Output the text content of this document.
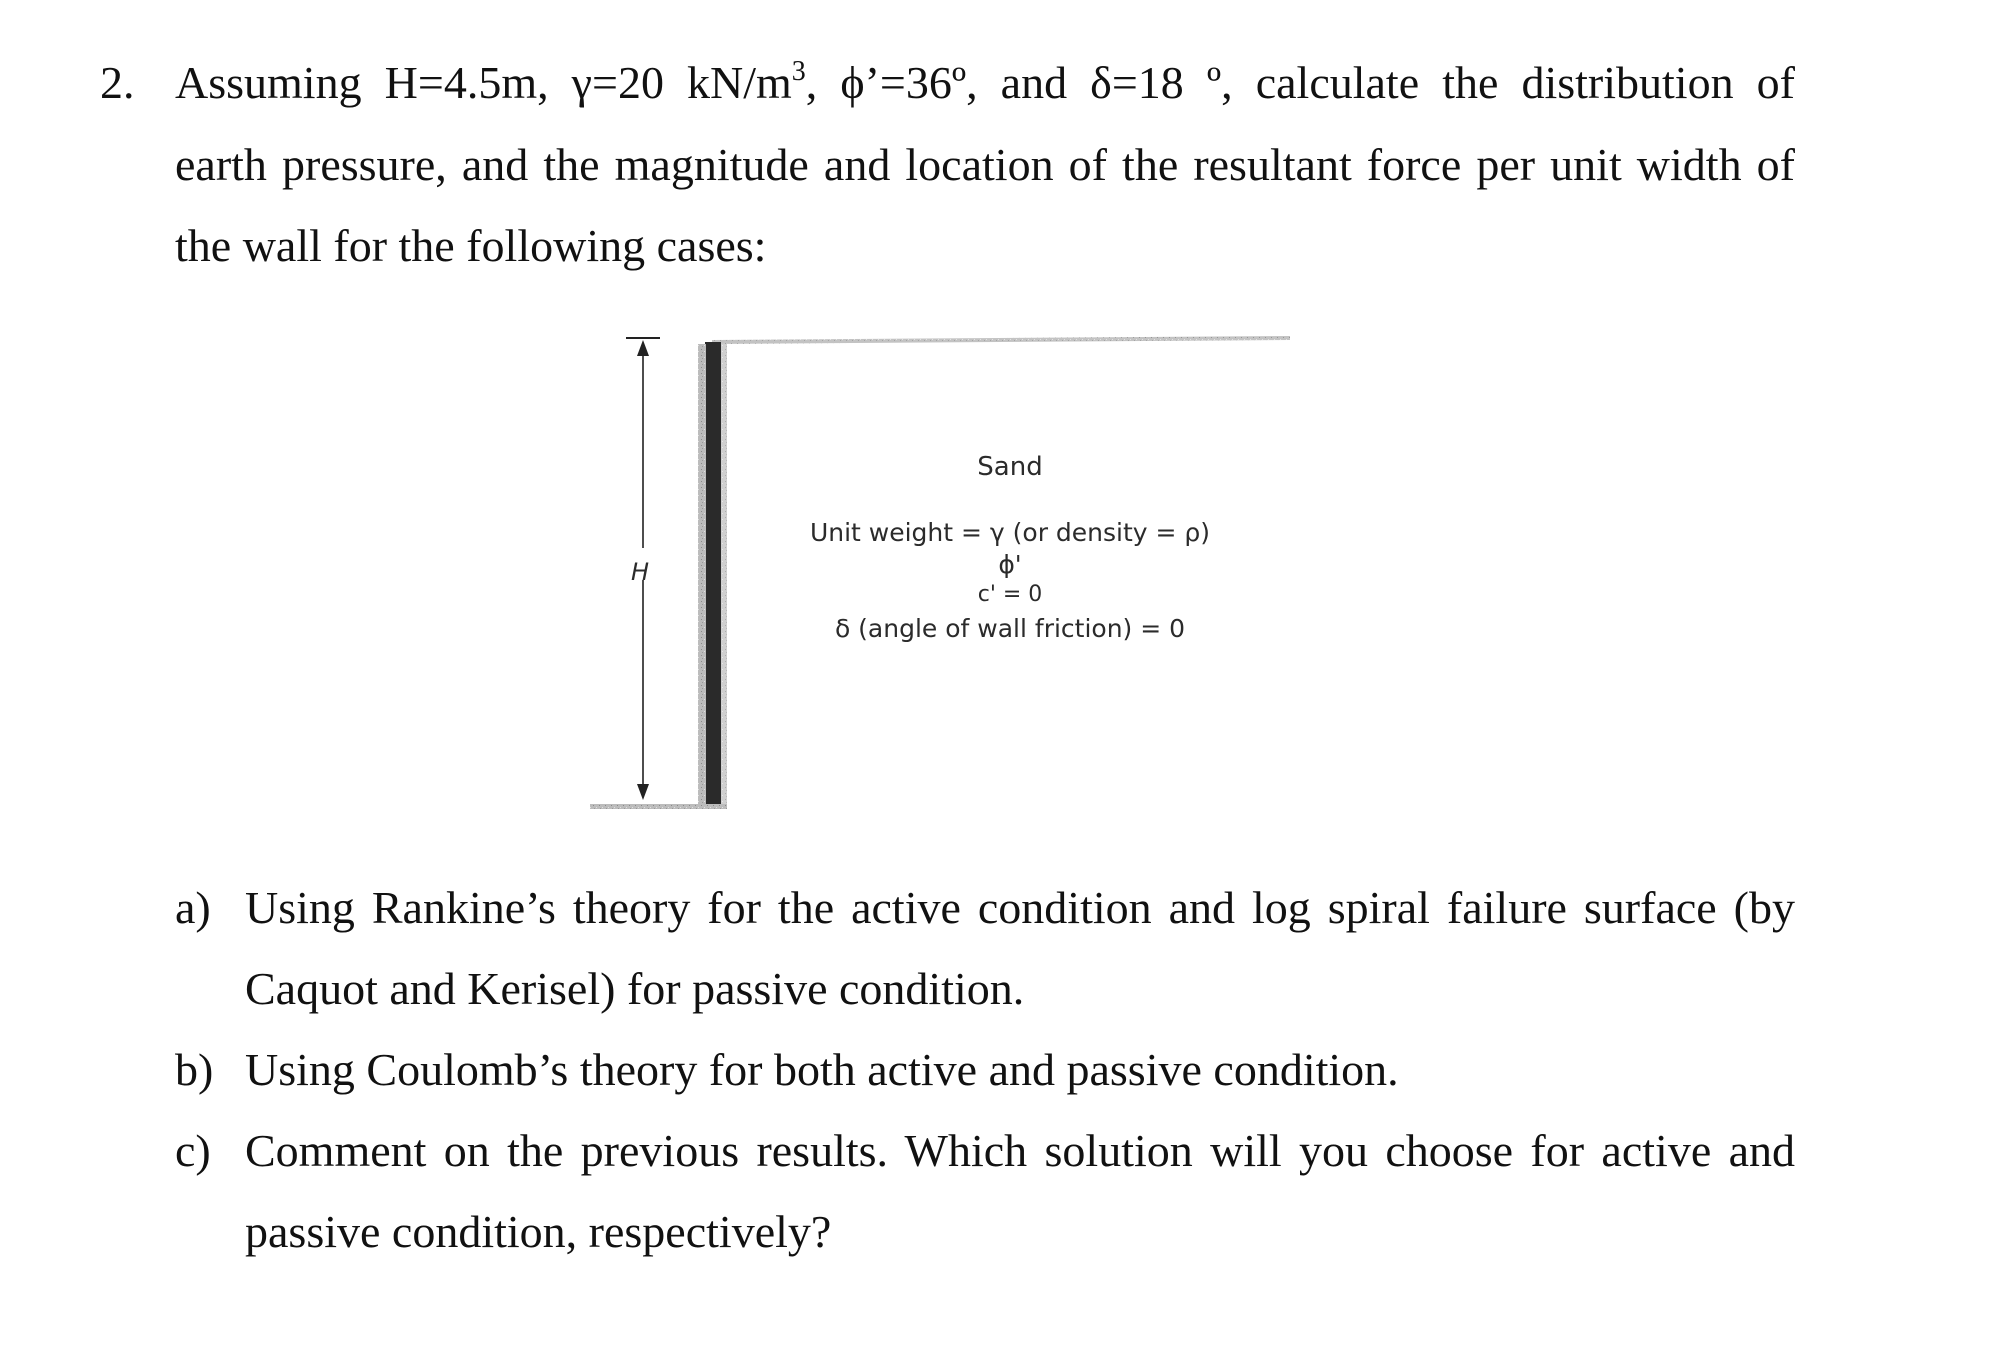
2. Assuming H=4.5m, γ=20 $kN/m^3$, ϕ’=36º, and δ=18 º, calculate the distribution of
earth pressure, and the magnitude and location of the resultant force per unit width of
the wall for the following cases:
H
Sand
Unit weight = γ (or density = ρ)
ϕ'
c' = 0
δ (angle of wall friction) = 0
a) Using Rankine’s theory for the active condition and log spiral failure surface (by
Caquot and Kerisel) for passive condition.
b) Using Coulomb’s theory for both active and passive condition.
c) Comment on the previous results. Which solution will you choose for active and
passive condition, respectively?
